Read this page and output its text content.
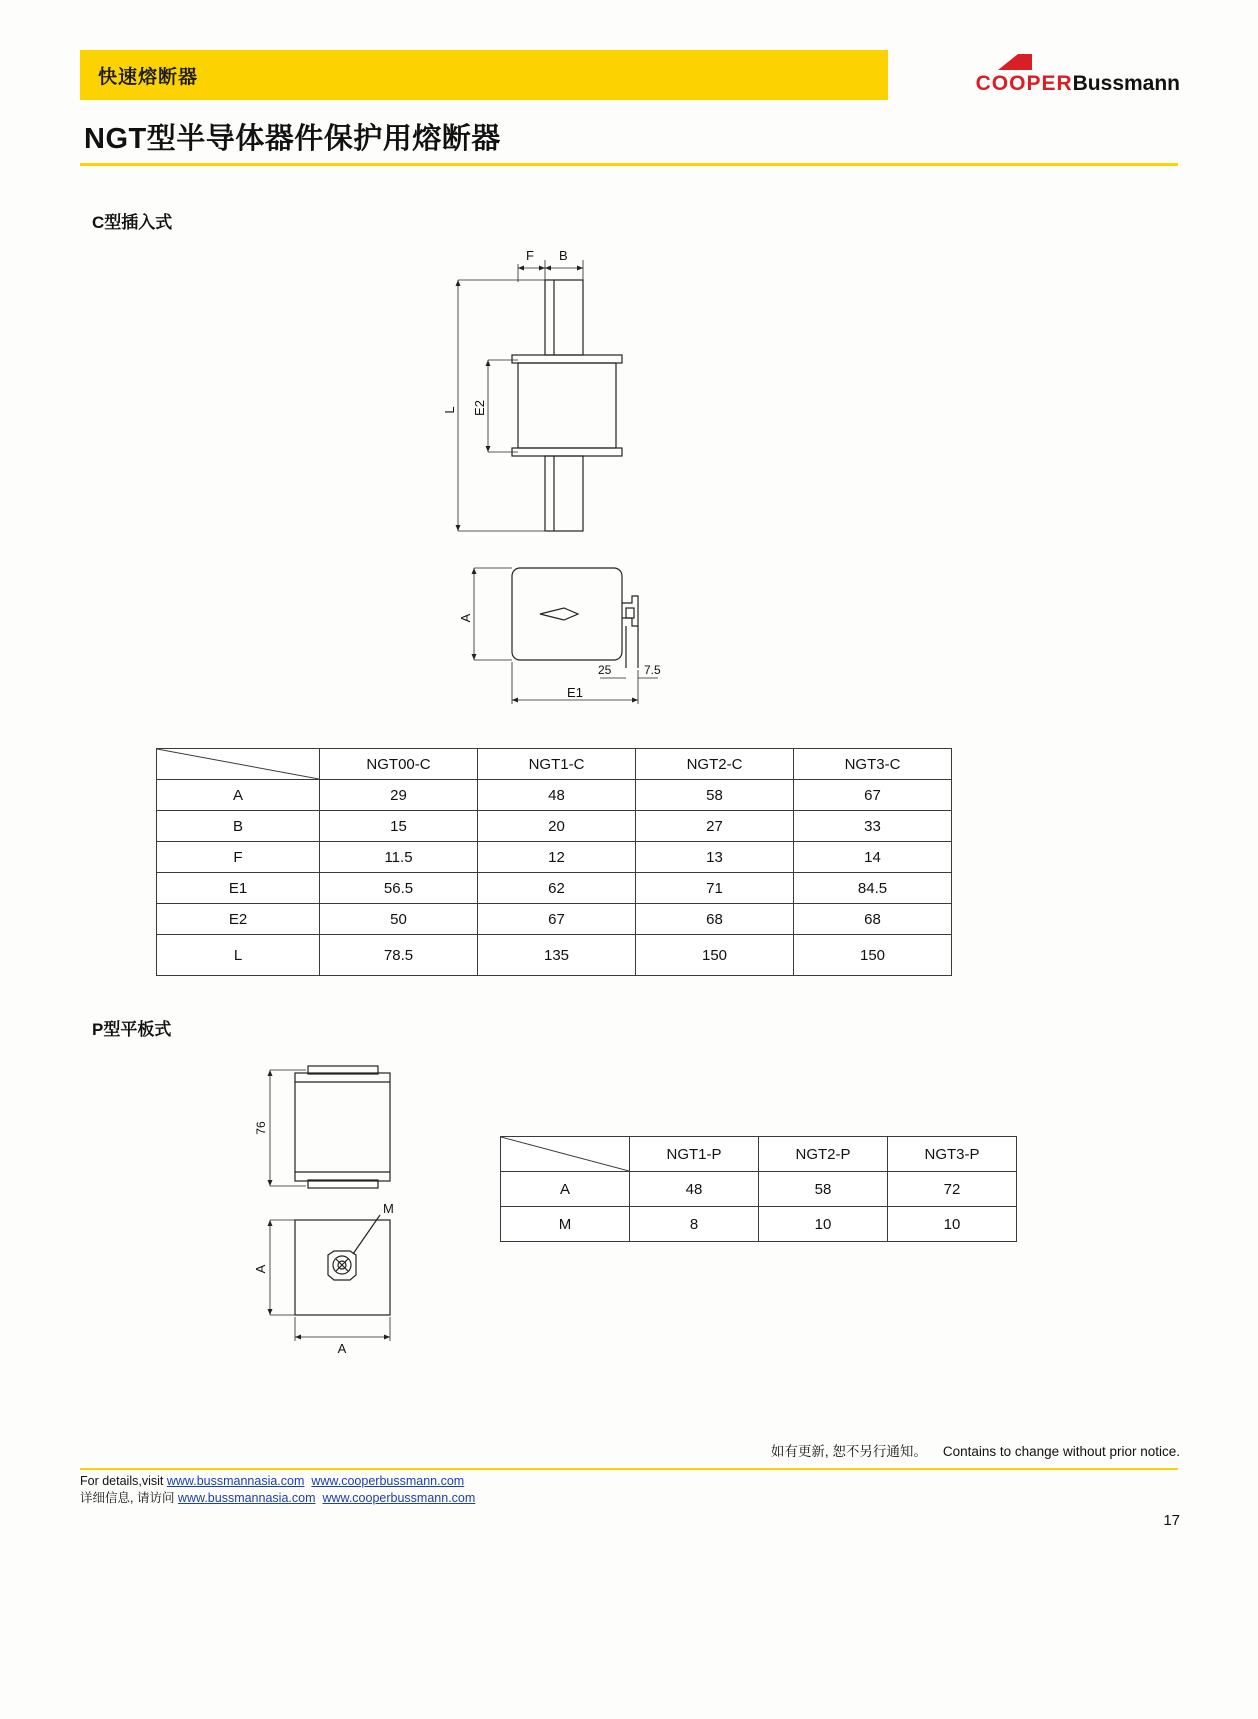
快速熔断器	COOPERBussmann
NGT型半导体器件保护用熔断器
C型插入式
F B
L E2
A
E1
25	7.5
	NGT00-C	NGT1-C	NGT2-C	NGT3-C
A	29	48	58	67
B	15	20	27	33
F	11.5	12	13	14
E1	56.5	62	71	84.5
E2	50	67	68	68
L	78.5	135	150	150
P型平板式
76
A
A
M
	NGT1-P	NGT2-P	NGT3-P
A	48	58	72
M	8	10	10
如有更新, 恕不另行通知。 Contains to change without prior notice.
For details,visit www.bussmannasia.com www.cooperbussmann.com
详细信息, 请访问 www.bussmannasia.com www.cooperbussmann.com
17
